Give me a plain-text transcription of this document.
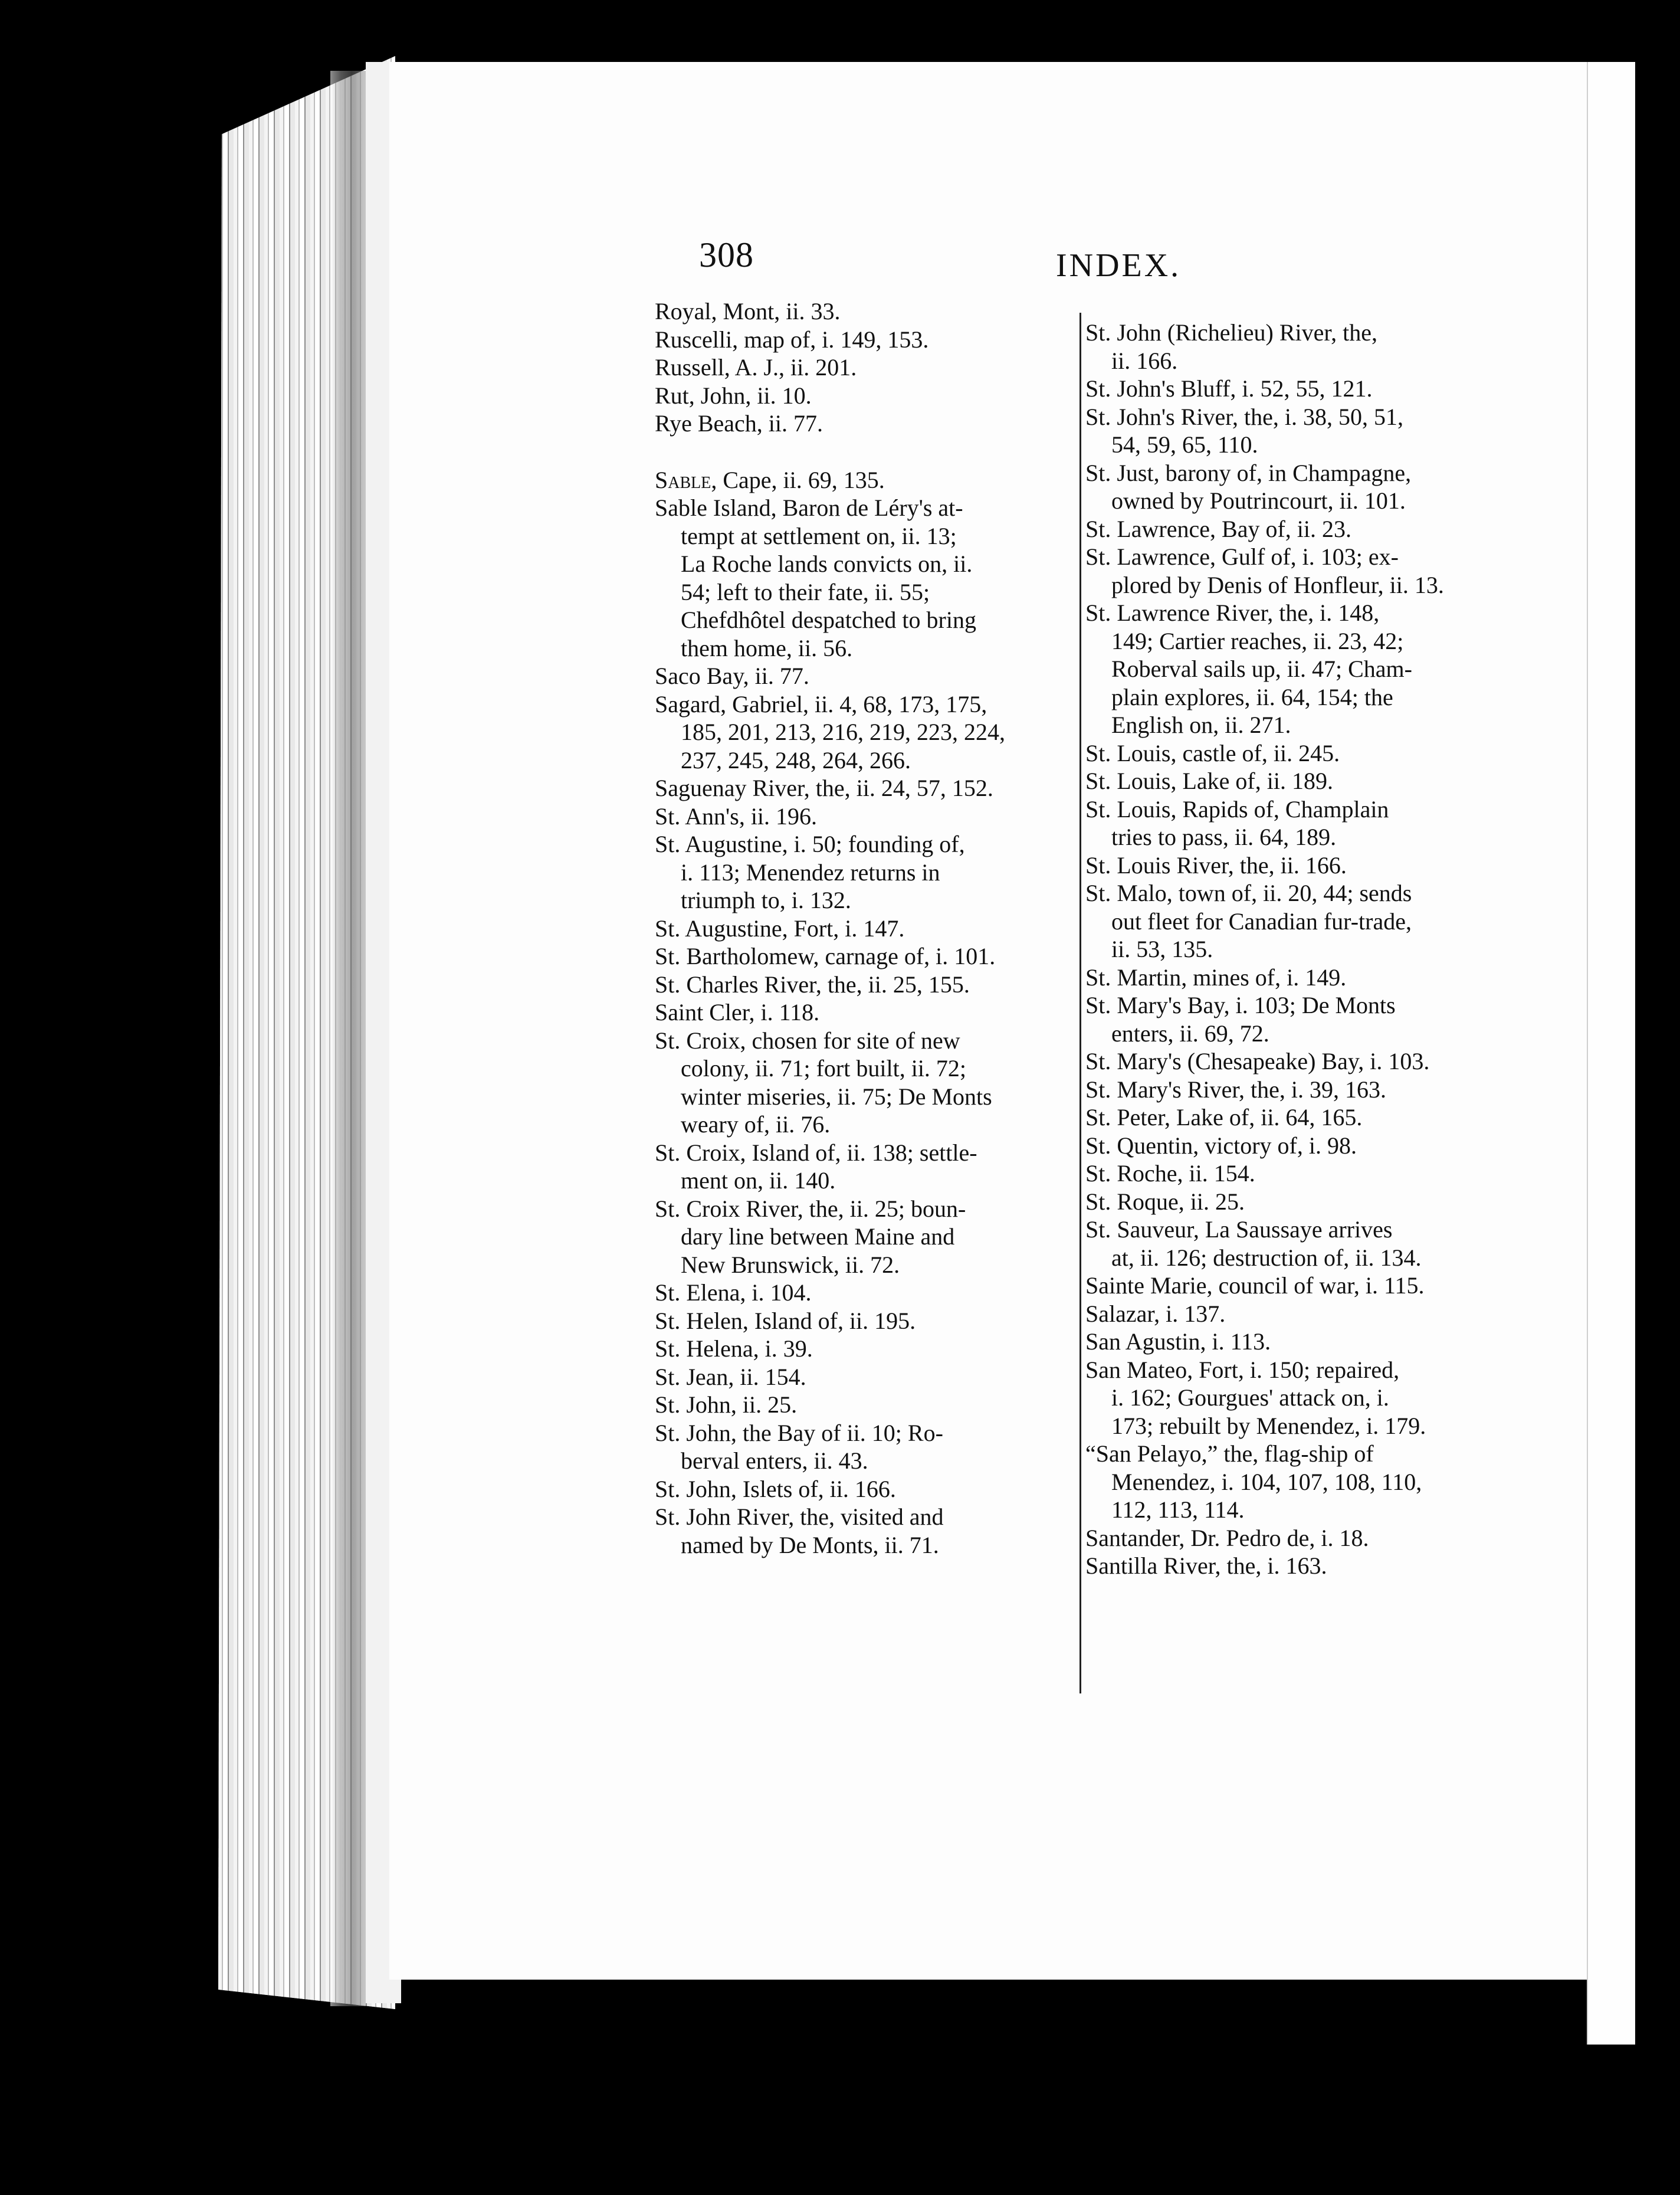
308	INDEX.
Royal, Mont, ii. 33.
Ruscelli, map of, i. 149, 153.
Russell, A. J., ii. 201.
Rut, John, ii. 10.
Rye Beach, ii. 77.
Sable, Cape, ii. 69, 135.
Sable Island, Baron de Léry's at-
tempt at settlement on, ii. 13;
La Roche lands convicts on, ii.
54; left to their fate, ii. 55;
Chefdhôtel despatched to bring
them home, ii. 56.
Saco Bay, ii. 77.
Sagard, Gabriel, ii. 4, 68, 173, 175,
185, 201, 213, 216, 219, 223, 224,
237, 245, 248, 264, 266.
Saguenay River, the, ii. 24, 57, 152.
St. Ann's, ii. 196.
St. Augustine, i. 50; founding of,
i. 113; Menendez returns in
triumph to, i. 132.
St. Augustine, Fort, i. 147.
St. Bartholomew, carnage of, i. 101.
St. Charles River, the, ii. 25, 155.
Saint Cler, i. 118.
St. Croix, chosen for site of new
colony, ii. 71; fort built, ii. 72;
winter miseries, ii. 75; De Monts
weary of, ii. 76.
St. Croix, Island of, ii. 138; settle-
ment on, ii. 140.
St. Croix River, the, ii. 25; boun-
dary line between Maine and
New Brunswick, ii. 72.
St. Elena, i. 104.
St. Helen, Island of, ii. 195.
St. Helena, i. 39.
St. Jean, ii. 154.
St. John, ii. 25.
St. John, the Bay of ii. 10; Ro-
berval enters, ii. 43.
St. John, Islets of, ii. 166.
St. John River, the, visited and
named by De Monts, ii. 71.
St. John (Richelieu) River, the,
ii. 166.
St. John's Bluff, i. 52, 55, 121.
St. John's River, the, i. 38, 50, 51,
54, 59, 65, 110.
St. Just, barony of, in Champagne,
owned by Poutrincourt, ii. 101.
St. Lawrence, Bay of, ii. 23.
St. Lawrence, Gulf of, i. 103; ex-
plored by Denis of Honfleur, ii. 13.
St. Lawrence River, the, i. 148,
149; Cartier reaches, ii. 23, 42;
Roberval sails up, ii. 47; Cham-
plain explores, ii. 64, 154; the
English on, ii. 271.
St. Louis, castle of, ii. 245.
St. Louis, Lake of, ii. 189.
St. Louis, Rapids of, Champlain
tries to pass, ii. 64, 189.
St. Louis River, the, ii. 166.
St. Malo, town of, ii. 20, 44; sends
out fleet for Canadian fur-trade,
ii. 53, 135.
St. Martin, mines of, i. 149.
St. Mary's Bay, i. 103; De Monts
enters, ii. 69, 72.
St. Mary's (Chesapeake) Bay, i. 103.
St. Mary's River, the, i. 39, 163.
St. Peter, Lake of, ii. 64, 165.
St. Quentin, victory of, i. 98.
St. Roche, ii. 154.
St. Roque, ii. 25.
St. Sauveur, La Saussaye arrives
at, ii. 126; destruction of, ii. 134.
Sainte Marie, council of war, i. 115.
Salazar, i. 137.
San Agustin, i. 113.
San Mateo, Fort, i. 150; repaired,
i. 162; Gourgues' attack on, i.
173; rebuilt by Menendez, i. 179.
“San Pelayo,” the, flag-ship of
Menendez, i. 104, 107, 108, 110,
112, 113, 114.
Santander, Dr. Pedro de, i. 18.
Santilla River, the, i. 163.
